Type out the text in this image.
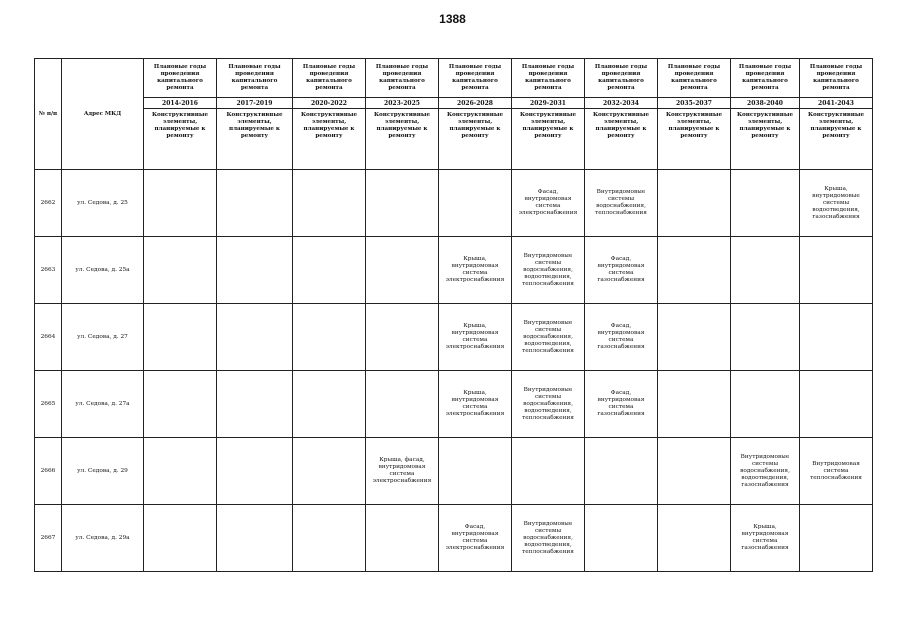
1388
№ п/п	Адрес МКД	Плановые годы проведения капитального ремонта	Плановые годы проведения капитального ремонта	Плановые годы проведения капитального ремонта	Плановые годы проведения капитального ремонта	Плановые годы проведения капитального ремонта	Плановые годы проведения капитального ремонта	Плановые годы проведения капитального ремонта	Плановые годы проведения капитального ремонта	Плановые годы проведения капитального ремонта	Плановые годы проведения капитального ремонта
		2014-2016	2017-2019	2020-2022	2023-2025	2026-2028	2029-2031	2032-2034	2035-2037	2038-2040	2041-2043
		Конструктивные элементы, планируемые к ремонту	Конструктивные элементы, планируемые к ремонту	Конструктивные элементы, планируемые к ремонту	Конструктивные элементы, планируемые к ремонту	Конструктивные элементы, планируемые к ремонту	Конструктивные элементы, планируемые к ремонту	Конструктивные элементы, планируемые к ремонту	Конструктивные элементы, планируемые к ремонту	Конструктивные элементы, планируемые к ремонту	Конструктивные элементы, планируемые к ремонту
2662	ул. Седова, д. 25						Фасад, внутридомовая система электроснабжения	Внутридомовые системы водоснабжения, теплоснабжения			Крыша, внутридомовые системы водоотведения, газоснабжения
2663	ул. Седова, д. 25а					Крыша, внутридомовая система электроснабжения	Внутридомовые системы водоснабжения, водоотведения, теплоснабжения	Фасад, внутридомовая система газоснабжения			
2664	ул. Седова, д. 27					Крыша, внутридомовая система электроснабжения	Внутридомовые системы водоснабжения, водоотведения, теплоснабжения	Фасад, внутридомовая система газоснабжения			
2665	ул. Седова, д. 27а					Крыша, внутридомовая система электроснабжения	Внутридомовые системы водоснабжения, водоотведения, теплоснабжения	Фасад, внутридомовая система газоснабжения			
2666	ул. Седова, д. 29				Крыша, фасад, внутридомовая система электроснабжения					Внутридомовые системы водоснабжения, водоотведения, газоснабжения	Внутридомовая система теплоснабжения
2667	ул. Седова, д. 29а					Фасад, внутридомовая система электроснабжения	Внутридомовые системы водоснабжения, водоотведения, теплоснабжения			Крыша, внутридомовая система газоснабжения	
